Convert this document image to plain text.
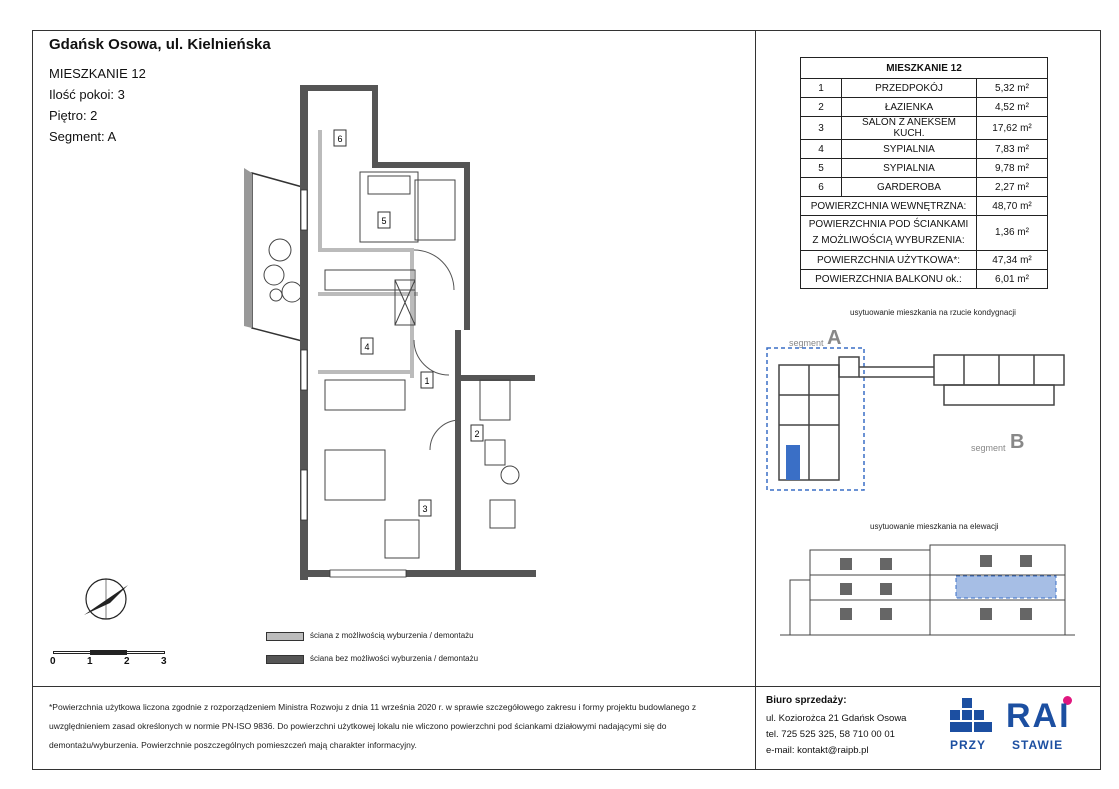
Gdańsk Osowa, ul. Kielnieńska
MIESZKANIE 12
Ilość pokoi: 3
Piętro: 2
Segment: A
1
2
3
4
5
6
0	1	2	3
ściana z możliwością wyburzenia / demontażu
ściana bez możliwości wyburzenia / demontażu
MIESZKANIE 12		
1	PRZEDPOKÓJ	5,32 m²
2	ŁAZIENKA	4,52 m²
3	SALON Z ANEKSEM KUCH.	17,62 m²
4	SYPIALNIA	7,83 m²
5	SYPIALNIA	9,78 m²
6	GARDEROBA	2,27 m²
POWIERZCHNIA WEWNĘTRZNA:		48,70 m²
POWIERZCHNIA POD ŚCIANKAMI
Z MOŻLIWOŚCIĄ WYBURZENIA:		1,36 m²
POWIERZCHNIA UŻYTKOWA*:		47,34 m²
POWIERZCHNIA BALKONU ok.:		6,01 m²
usytuowanie mieszkania na rzucie kondygnacji
segment A
segment B
usytuowanie mieszkania na elewacji
*Powierzchnia użytkowa liczona zgodnie z rozporządzeniem Ministra Rozwoju z dnia 11 września 2020 r. w sprawie szczegółowego zakresu i formy projektu budowlanego z uwzględnieniem zasad określonych w normie PN-ISO 9836. Do powierzchni użytkowej lokalu nie wliczono powierzchni pod ściankami działowymi nadającymi się do demontażu/wyburzenia. Powierzchnie poszczególnych pomieszczeń mają charakter informacyjny.
Biuro sprzedaży:
ul. Koziorożca 21 Gdańsk Osowa
tel. 725 525 325, 58 710 00 01
e-mail: kontakt@raipb.pl
RAI
PRZY STAWIE
